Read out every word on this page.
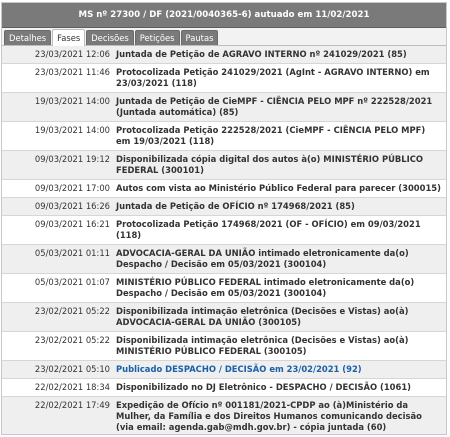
MS nº 27300 / DF (2021/0040365-6) autuado em 11/02/2021
Detalhes	Fases	Decisões	Petições	Pautas
23/03/2021 12:06 Juntada de Petição de AGRAVO INTERNO nº 241029/2021 (85)
23/03/2021 11:46 Protocolizada Petição 241029/2021 (AgInt - AGRAVO INTERNO) em 23/03/2021 (118)
19/03/2021 14:00 Juntada de Petição de CieMPF - CIÊNCIA PELO MPF nº 222528/2021 (Juntada automática) (85)
19/03/2021 14:00 Protocolizada Petição 222528/2021 (CieMPF - CIÊNCIA PELO MPF) em 19/03/2021 (118)
09/03/2021 19:12 Disponibilizada cópia digital dos autos à(o) MINISTÉRIO PÚBLICO FEDERAL (300101)
09/03/2021 17:00 Autos com vista ao Ministério Público Federal para parecer (300015)
09/03/2021 16:26 Juntada de Petição de OFÍCIO nº 174968/2021 (85)
09/03/2021 16:21 Protocolizada Petição 174968/2021 (OF - OFÍCIO) em 09/03/2021 (118)
05/03/2021 01:11 ADVOCACIA-GERAL DA UNIÃO intimado eletronicamente da(o) Despacho / Decisão em 05/03/2021 (300104)
05/03/2021 01:07 MINISTÉRIO PÚBLICO FEDERAL intimado eletronicamente da(o) Despacho / Decisão em 05/03/2021 (300104)
23/02/2021 05:22 Disponibilizada intimação eletrônica (Decisões e Vistas) ao(à) ADVOCACIA-GERAL DA UNIÃO (300105)
23/02/2021 05:22 Disponibilizada intimação eletrônica (Decisões e Vistas) ao(à) MINISTÉRIO PÚBLICO FEDERAL (300105)
23/02/2021 05:10 Publicado DESPACHO / DECISÃO em 23/02/2021 (92)
22/02/2021 18:34 Disponibilizado no DJ Eletrônico - DESPACHO / DECISÃO (1061)
22/02/2021 17:49 Expedição de Ofício nº 001181/2021-CPDP ao (à)Ministério da Mulher, da Família e dos Direitos Humanos comunicando decisão (via email: agenda.gab@mdh.gov.br) - cópia juntada (60)
